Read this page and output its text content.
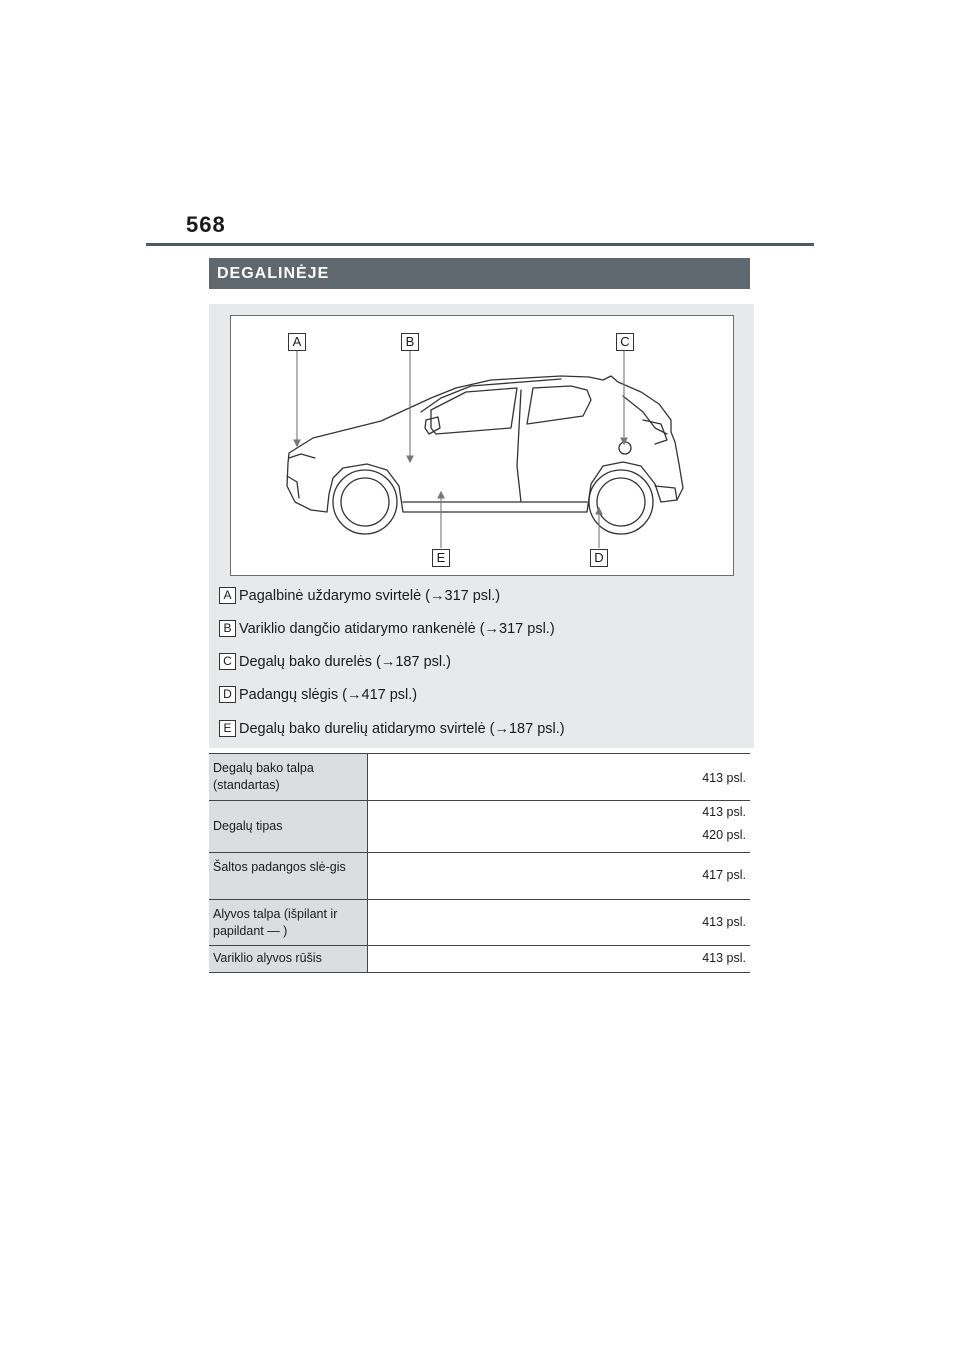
568
DEGALINĖJE
A	B	C
E	D
A Pagalbinė uždarymo svirtelė (→317 psl.)
B Variklio dangčio atidarymo rankenėlė (→317 psl.)
C Degalų bako durelės (→187 psl.)
D Padangų slėgis (→417 psl.)
E Degalų bako durelių atidarymo svirtelė (→187 psl.)
Degalų bako talpa (standartas)	413 psl.

Degalų tipas	413 psl.
420 psl.

Šaltos padangos slė-gis	417 psl.

Alyvos talpa (išpilant ir papildant — )	413 psl.

Variklio alyvos rūšis	413 psl.
